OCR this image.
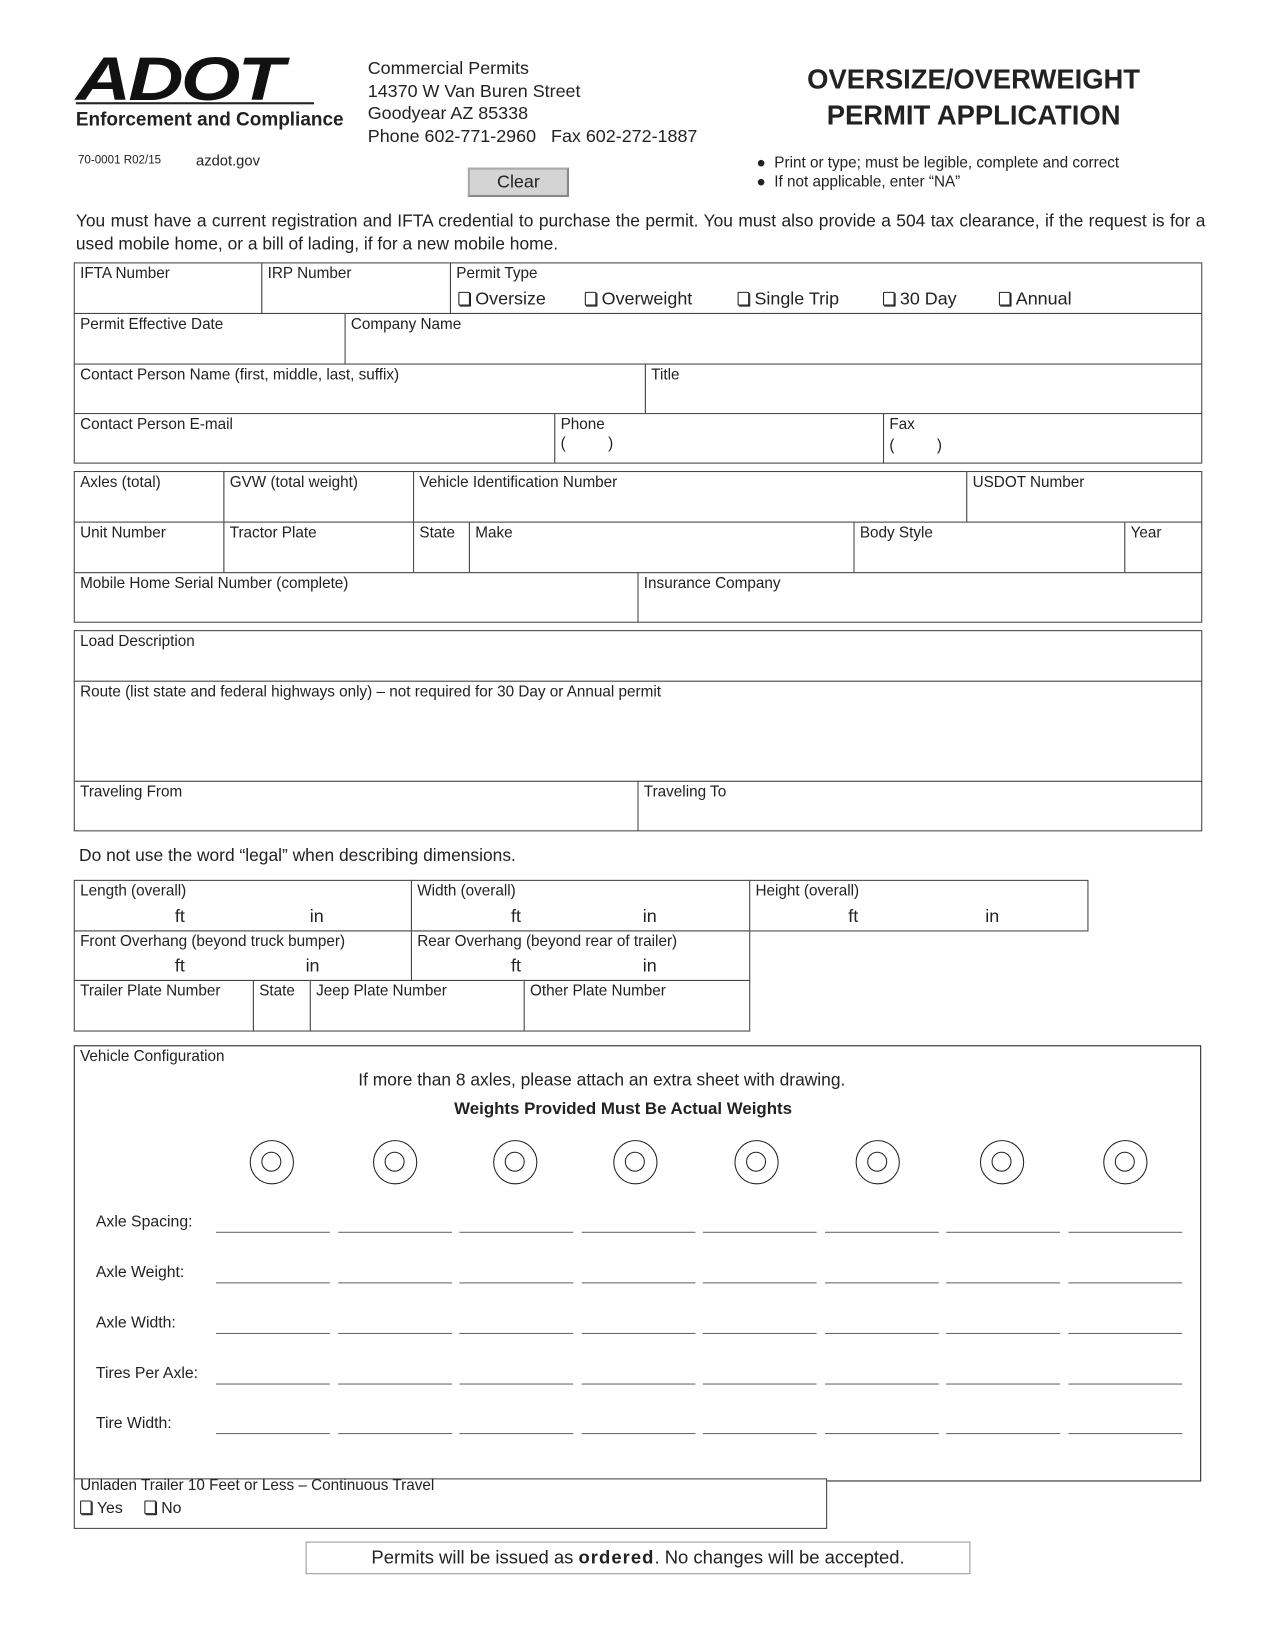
ADOT
Enforcement and Compliance
70-0001 R02/15 azdot.gov
Commercial Permits
14370 W Van Buren Street
Goodyear AZ 85338
Phone 602-771-2960 Fax 602-272-1887
OVERSIZE/OVERWEIGHT
PERMIT APPLICATION
●  Print or type; must be legible, complete and correct
●  If not applicable, enter “NA”
Clear
You must have a current registration and IFTA credential to purchase the permit. You must also provide a 504 tax clearance, if the request is for a used mobile home, or a bill of lading, if for a new mobile home.
IFTA Number	IRP Number	Permit Type
Oversize	Overweight	Single Trip	30 Day	Annual
Permit Effective Date	Company Name
Contact Person Name (first, middle, last, suffix)	Title
Contact Person E-mail	Phone
(          )
Fax
(          )
Axles (total)	GVW (total weight)	Vehicle Identification Number	USDOT Number
Unit Number	Tractor Plate	State Make	Body Style	Year
Mobile Home Serial Number (complete)	Insurance Company
Load Description
Route (list state and federal highways only) – not required for 30 Day or Annual permit
Traveling From	Traveling To
Do not use the word “legal” when describing dimensions.
Length (overall)
ft	in
Width (overall)
ft	in
Height (overall)
ft	in
Front Overhang (beyond truck bumper)
ft	in
Rear Overhang (beyond rear of trailer)
ft	in
Trailer Plate Number	State Jeep Plate Number	Other Plate Number
Vehicle Configuration
If more than 8 axles, please attach an extra sheet with drawing.
Weights Provided Must Be Actual Weights
Axle Spacing:
Axle Weight:
Axle Width:
Tires Per Axle:
Tire Width:
Unladen Trailer 10 Feet or Less – Continuous Travel
Yes	No
Permits will be issued as ordered. No changes will be accepted.
